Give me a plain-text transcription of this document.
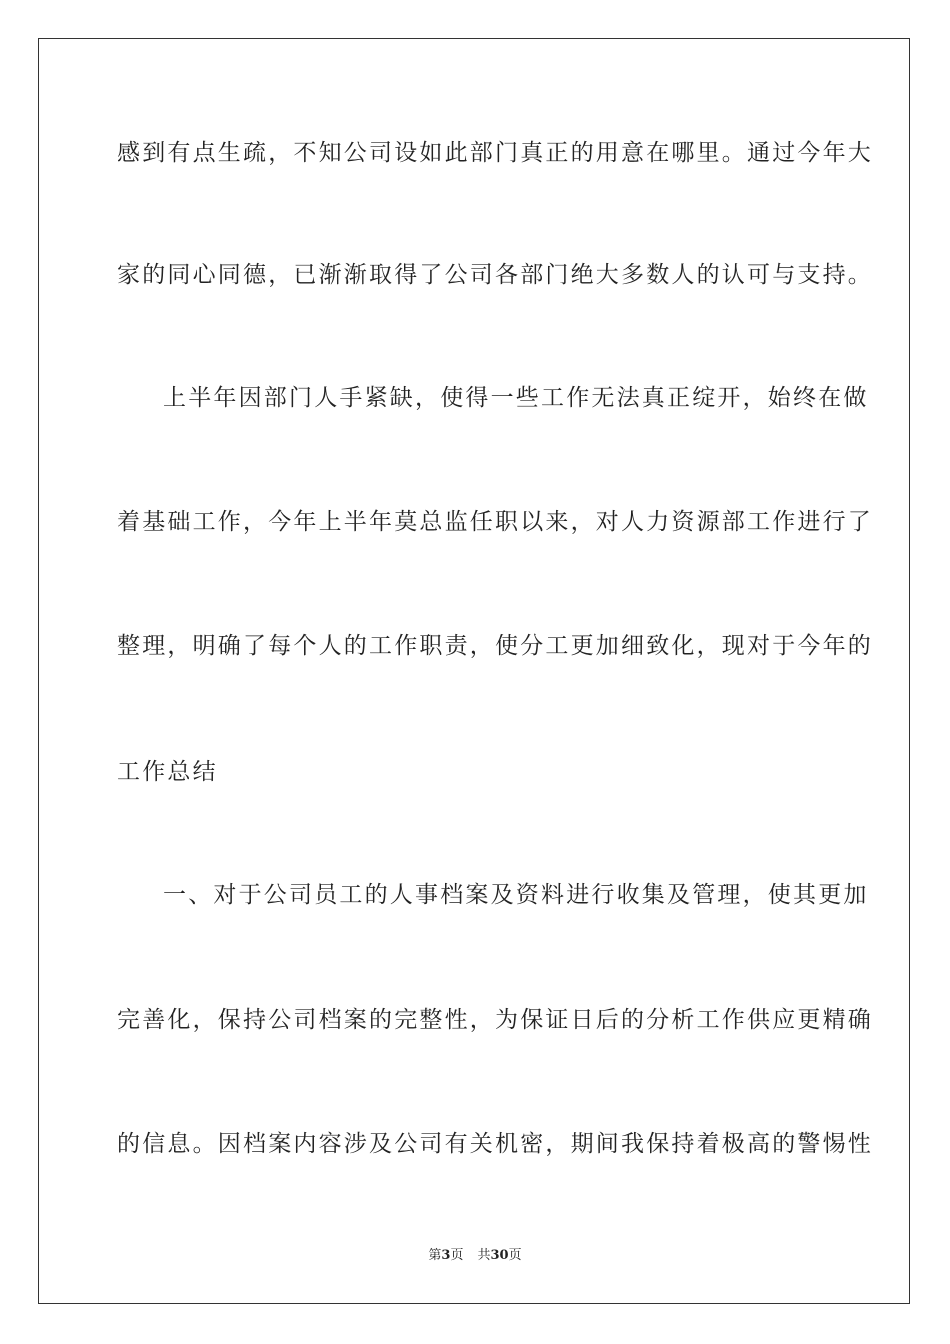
感到有点生疏，不知公司设如此部门真正的用意在哪里。通过今年大
家的同心同德，已渐渐取得了公司各部门绝大多数人的认可与支持。
上半年因部门人手紧缺，使得一些工作无法真正绽开，始终在做
着基础工作，今年上半年莫总监任职以来，对人力资源部工作进行了
整理，明确了每个人的工作职责，使分工更加细致化，现对于今年的
工作总结
一、对于公司员工的人事档案及资料进行收集及管理，使其更加
完善化，保持公司档案的完整性，为保证日后的分析工作供应更精确
的信息。因档案内容涉及公司有关机密，期间我保持着极高的警惕性
第3页 共30页
